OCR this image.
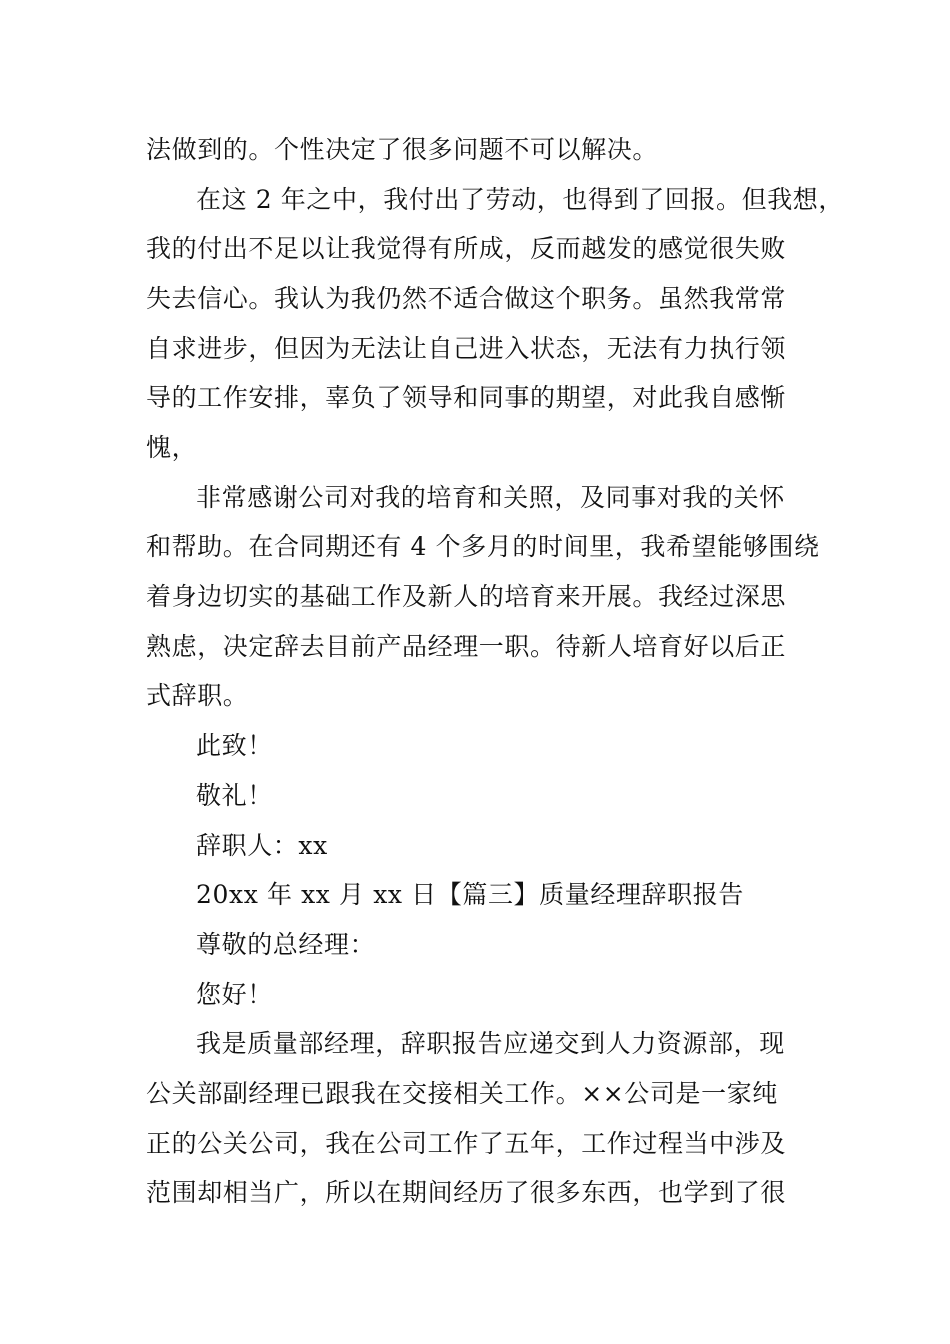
法做到的。个性决定了很多问题不可以解决。
在这 2 年之中，我付出了劳动，也得到了回报。但我想，
我的付出不足以让我觉得有所成，反而越发的感觉很失败
失去信心。我认为我仍然不适合做这个职务。虽然我常常
自求进步，但因为无法让自己进入状态，无法有力执行领
导的工作安排，辜负了领导和同事的期望，对此我自感惭
愧，
非常感谢公司对我的培育和关照，及同事对我的关怀
和帮助。在合同期还有 4 个多月的时间里，我希望能够围绕
着身边切实的基础工作及新人的培育来开展。我经过深思
熟虑，决定辞去目前产品经理一职。待新人培育好以后正
式辞职。
此致！
敬礼！
辞职人：xx
20xx 年 xx 月 xx 日【篇三】质量经理辞职报告
尊敬的总经理：
您好！
我是质量部经理，辞职报告应递交到人力资源部，现
公关部副经理已跟我在交接相关工作。××公司是一家纯
正的公关公司，我在公司工作了五年，工作过程当中涉及
范围却相当广，所以在期间经历了很多东西，也学到了很
